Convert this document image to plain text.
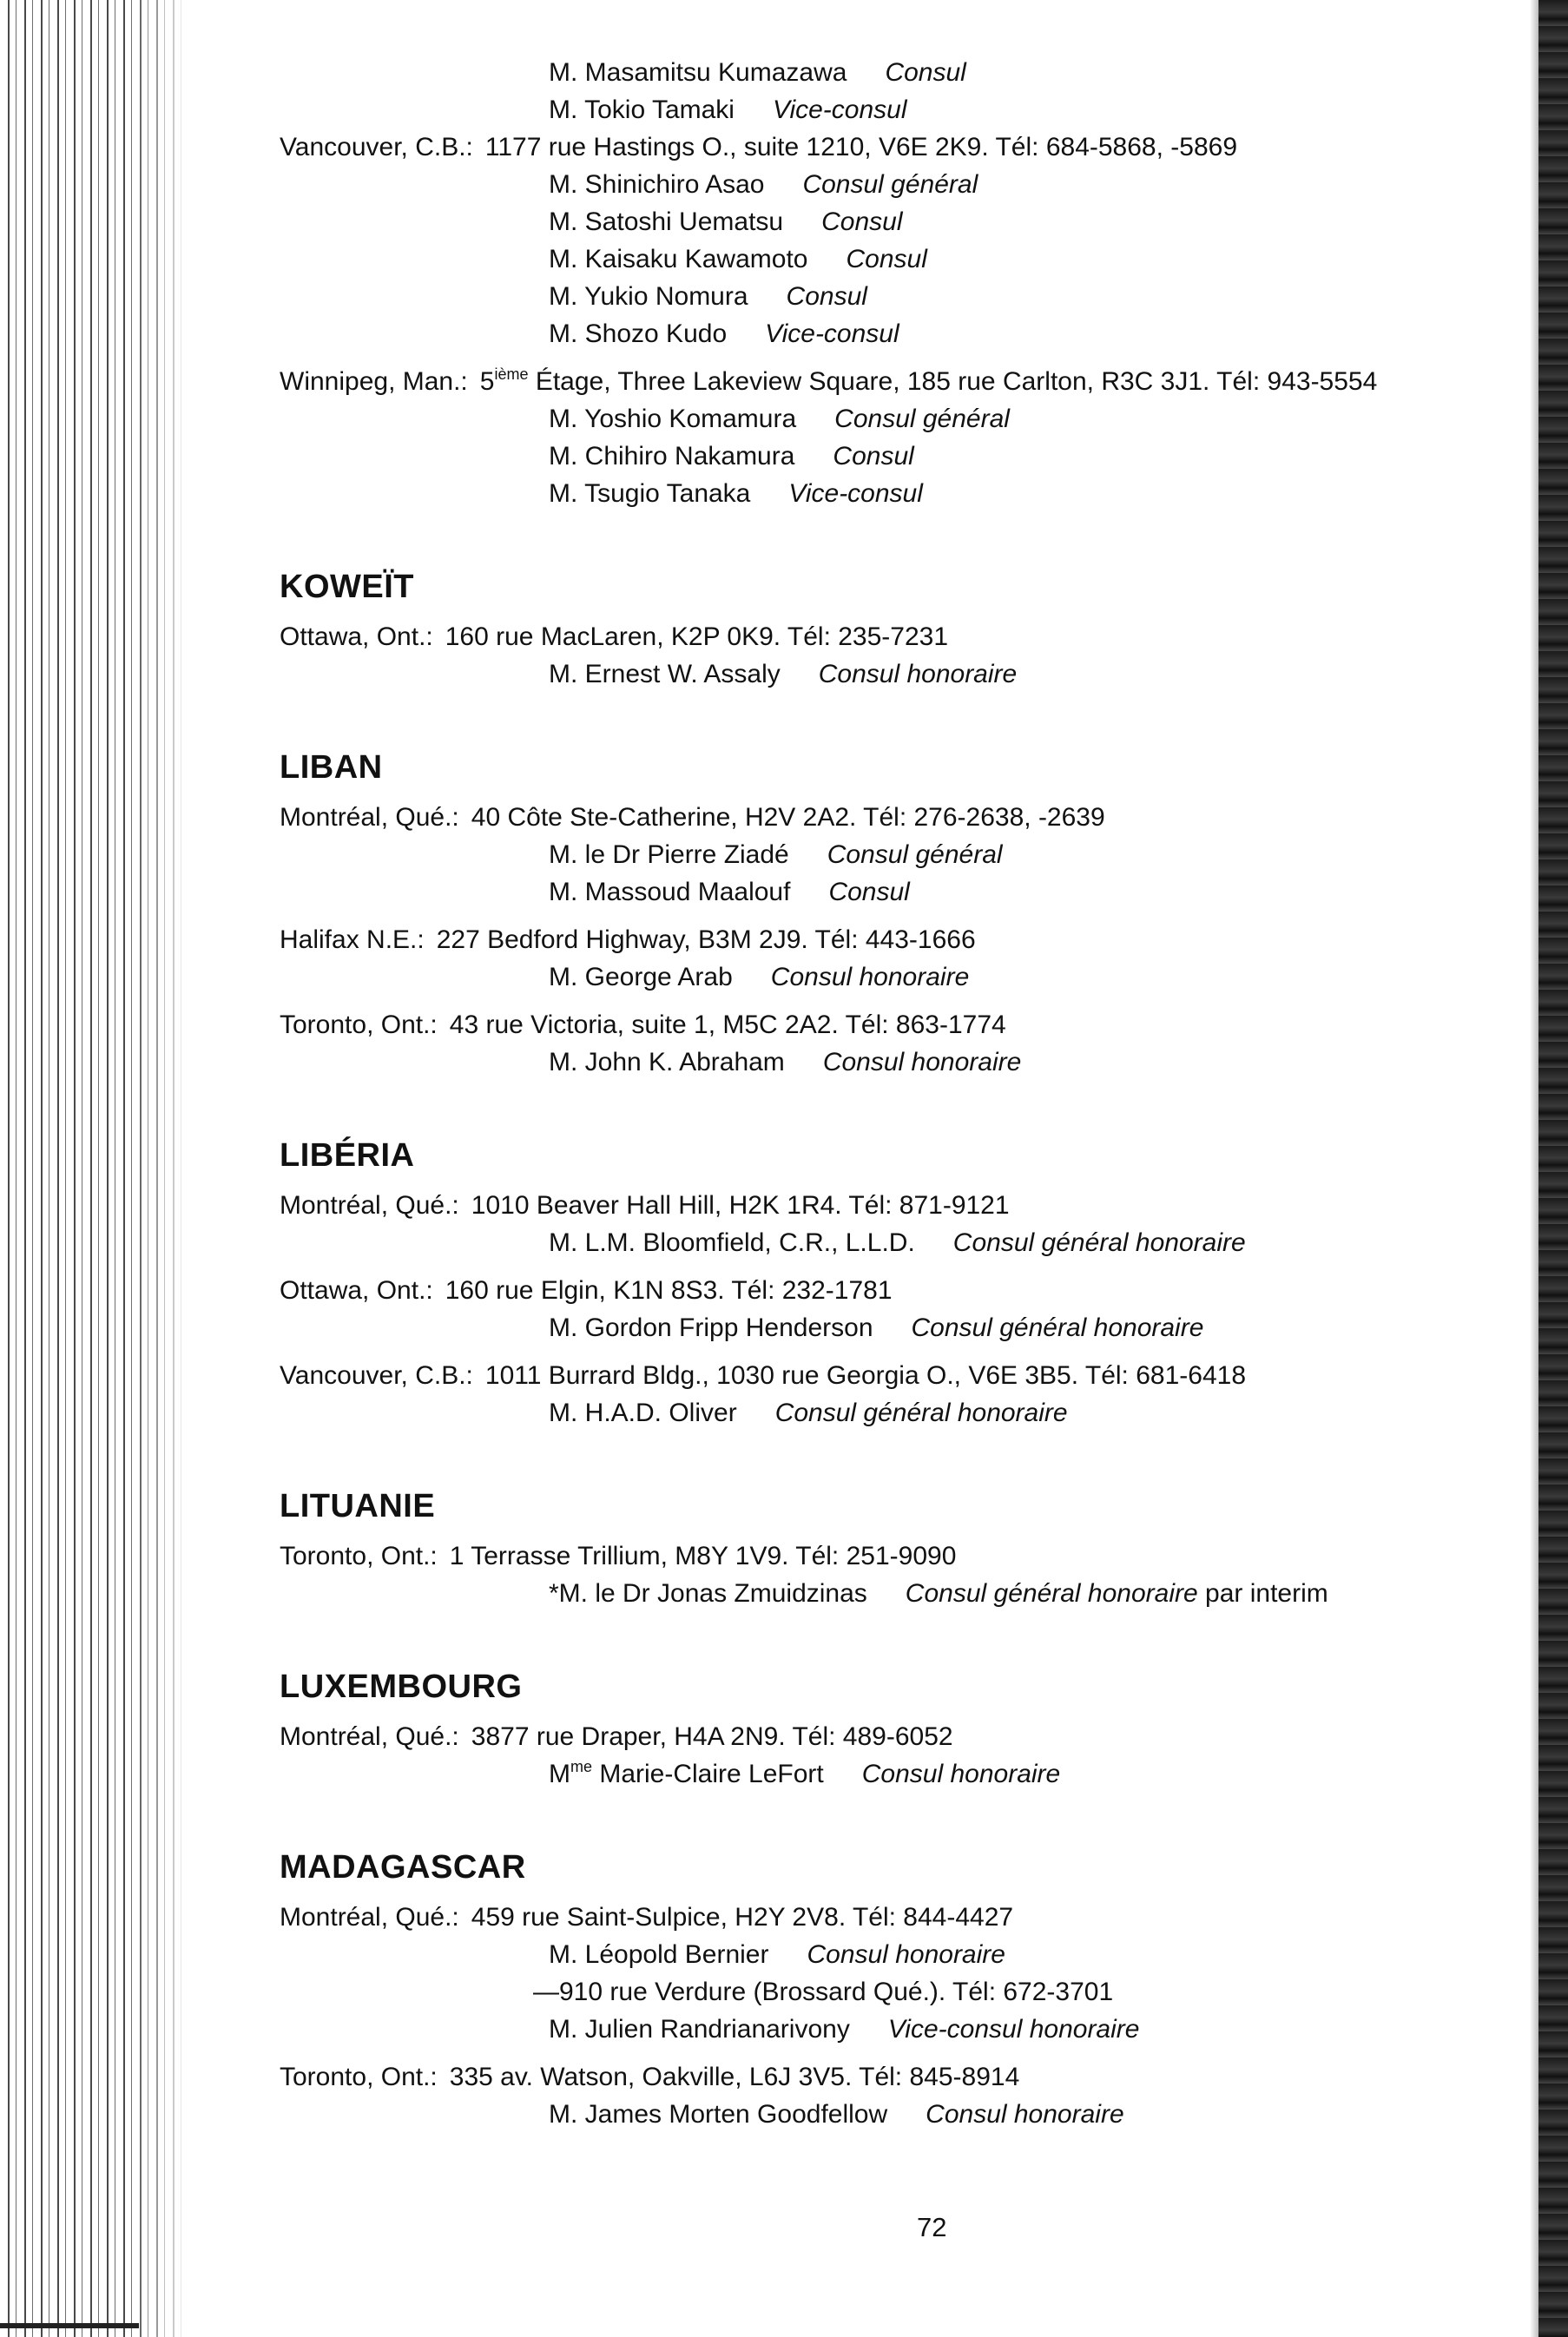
M. Masamitsu Kumazawa Consul
M. Tokio Tamaki Vice-consul
Vancouver, C.B.: 1177 rue Hastings O., suite 1210, V6E 2K9. Tél: 684-5868, -5869
M. Shinichiro Asao Consul général
M. Satoshi Uematsu Consul
M. Kaisaku Kawamoto Consul
M. Yukio Nomura Consul
M. Shozo Kudo Vice-consul
Winnipeg, Man.: 5ième Étage, Three Lakeview Square, 185 rue Carlton, R3C 3J1. Tél: 943-5554
M. Yoshio Komamura Consul général
M. Chihiro Nakamura Consul
M. Tsugio Tanaka Vice-consul
KOWEÏT
Ottawa, Ont.: 160 rue MacLaren, K2P 0K9. Tél: 235-7231
M. Ernest W. Assaly Consul honoraire
LIBAN
Montréal, Qué.: 40 Côte Ste-Catherine, H2V 2A2. Tél: 276-2638, -2639
M. le Dr Pierre Ziadé Consul général
M. Massoud Maalouf Consul
Halifax N.E.: 227 Bedford Highway, B3M 2J9. Tél: 443-1666
M. George Arab Consul honoraire
Toronto, Ont.: 43 rue Victoria, suite 1, M5C 2A2. Tél: 863-1774
M. John K. Abraham Consul honoraire
LIBÉRIA
Montréal, Qué.: 1010 Beaver Hall Hill, H2K 1R4. Tél: 871-9121
M. L.M. Bloomfield, C.R., L.L.D. Consul général honoraire
Ottawa, Ont.: 160 rue Elgin, K1N 8S3. Tél: 232-1781
M. Gordon Fripp Henderson Consul général honoraire
Vancouver, C.B.: 1011 Burrard Bldg., 1030 rue Georgia O., V6E 3B5. Tél: 681-6418
M. H.A.D. Oliver Consul général honoraire
LITUANIE
Toronto, Ont.: 1 Terrasse Trillium, M8Y 1V9. Tél: 251-9090
*M. le Dr Jonas Zmuidzinas Consul général honoraire par interim
LUXEMBOURG
Montréal, Qué.: 3877 rue Draper, H4A 2N9. Tél: 489-6052
$M^{me}$ Marie-Claire LeFort Consul honoraire
MADAGASCAR
Montréal, Qué.: 459 rue Saint-Sulpice, H2Y 2V8. Tél: 844-4427
M. Léopold Bernier Consul honoraire
—910 rue Verdure (Brossard Qué.). Tél: 672-3701
M. Julien Randrianarivony Vice-consul honoraire
Toronto, Ont.: 335 av. Watson, Oakville, L6J 3V5. Tél: 845-8914
M. James Morten Goodfellow Consul honoraire
72
